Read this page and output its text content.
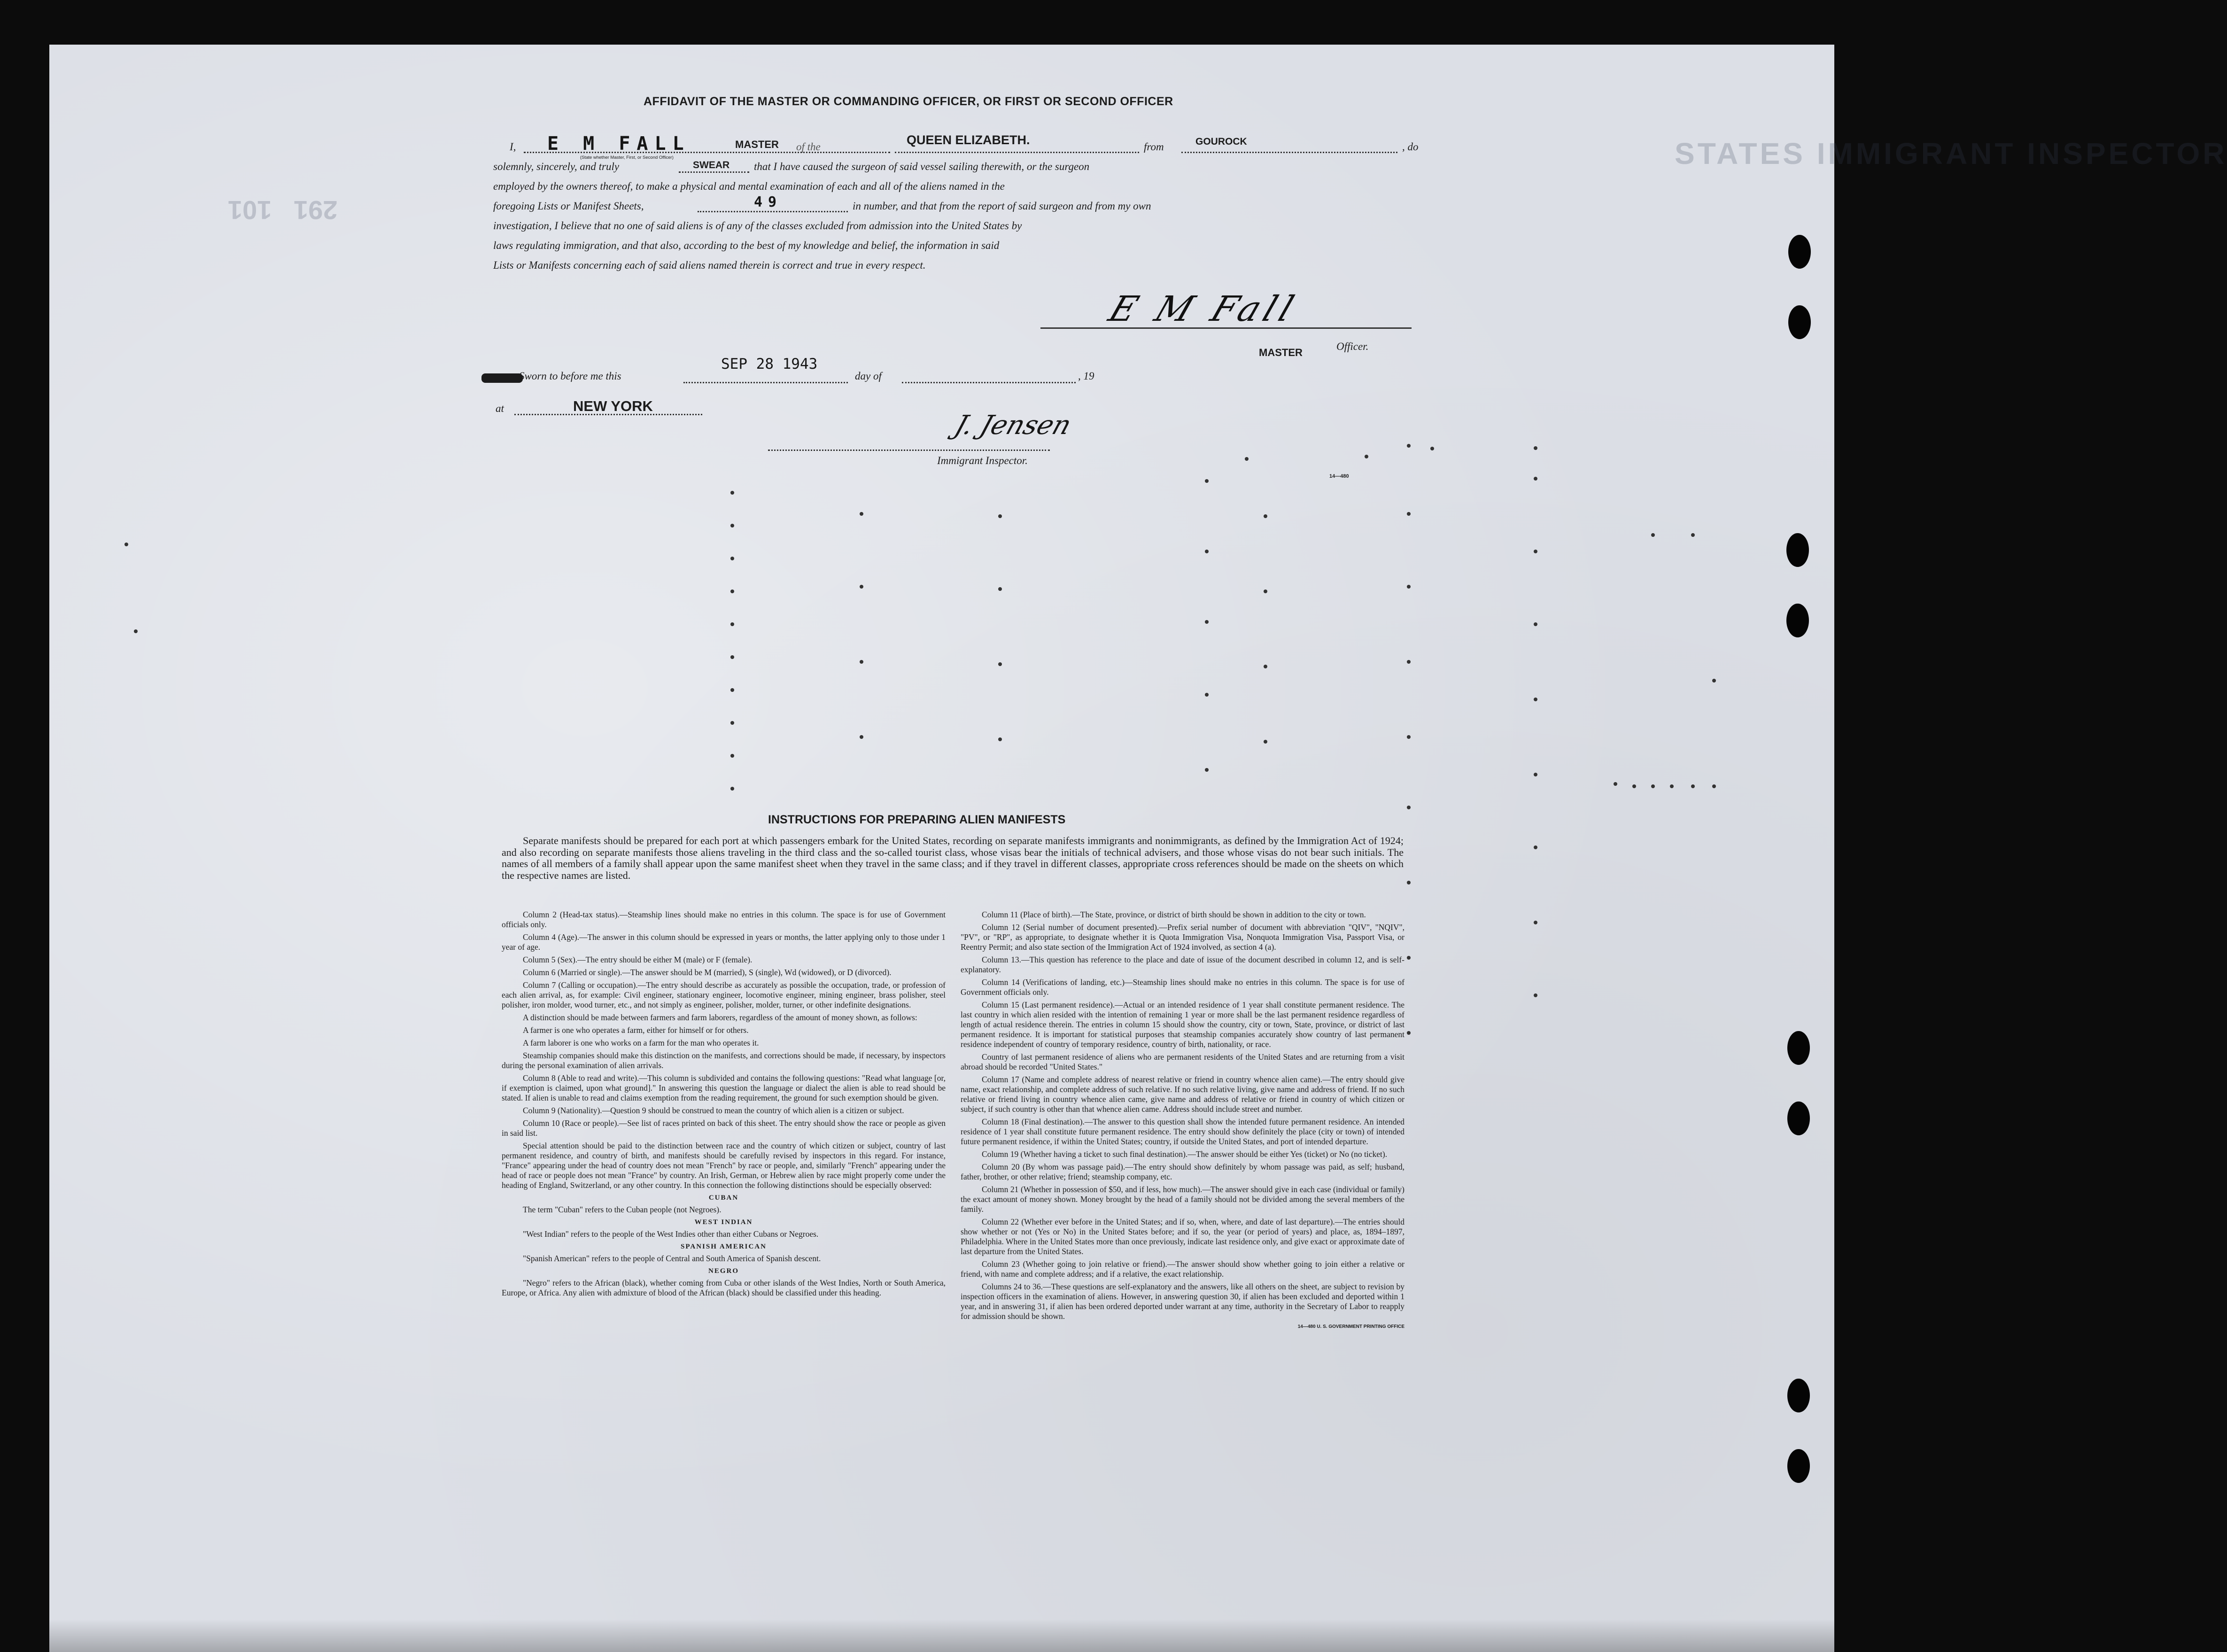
STATES IMMIGRANT INSPECTOR
291   101
AFFIDAVIT OF THE MASTER OR COMMANDING OFFICER, OR FIRST OR SECOND OFFICER
I, E M FALL	MASTER
(State whether Master, First, or Second Officer)
of the	QUEEN ELIZABETH.	from	GOUROCK	, do
solemnly, sincerely, and truly	SWEAR that I have caused the surgeon of said vessel sailing therewith, or the surgeon
employed by the owners thereof, to make a physical and mental examination of each and all of the aliens named in the
foregoing Lists or Manifest Sheets,	49	in number, and that from the report of said surgeon and from my own
investigation, I believe that no one of said aliens is of any of the classes excluded from admission into the United States by
laws regulating immigration, and that also, according to the best of my knowledge and belief, the information in said
Lists or Manifests concerning each of said aliens named therein is correct and true in every respect.
E M Fall
MASTER
Officer.
Sworn to before me this
SEP 28 1943
day of	, 19
at	NEW YORK
J. Jensen
Immigrant Inspector.
14—480
INSTRUCTIONS FOR PREPARING ALIEN MANIFESTS
Separate manifests should be prepared for each port at which passengers embark for the United States, recording on separate manifests immigrants and nonimmigrants, as defined by the Immigration Act of 1924; and also recording on separate manifests those aliens traveling in the third class and the so-called tourist class, whose visas bear the initials of technical advisers, and those whose visas do not bear such initials. The names of all members of a family shall appear upon the same manifest sheet when they travel in the same class; and if they travel in different classes, appropriate cross references should be made on the sheets on which the respective names are listed.

Column 2 (Head-tax status).—Steamship lines should make no entries in this column. The space is for use of Government officials only.

Column 4 (Age).—The answer in this column should be expressed in years or months, the latter applying only to those under 1 year of age.

Column 5 (Sex).—The entry should be either M (male) or F (female).

Column 6 (Married or single).—The answer should be M (married), S (single), Wd (widowed), or D (divorced).

Column 7 (Calling or occupation).—The entry should describe as accurately as possible the occupation, trade, or profession of each alien arrival, as, for example: Civil engineer, stationary engineer, locomotive engineer, mining engineer, brass polisher, steel polisher, iron molder, wood turner, etc., and not simply as engineer, polisher, molder, turner, or other indefinite designations.

A distinction should be made between farmers and farm laborers, regardless of the amount of money shown, as follows:

A farmer is one who operates a farm, either for himself or for others.

A farm laborer is one who works on a farm for the man who operates it.

Steamship companies should make this distinction on the manifests, and corrections should be made, if necessary, by inspectors during the personal examination of alien arrivals.

Column 8 (Able to read and write).—This column is subdivided and contains the following questions: "Read what language [or, if exemption is claimed, upon what ground]." In answering this question the language or dialect the alien is able to read should be stated. If alien is unable to read and claims exemption from the reading requirement, the ground for such exemption should be given.

Column 9 (Nationality).—Question 9 should be construed to mean the country of which alien is a citizen or subject.

Column 10 (Race or people).—See list of races printed on back of this sheet. The entry should show the race or people as given in said list.

Special attention should be paid to the distinction between race and the country of which citizen or subject, country of last permanent residence, and country of birth, and manifests should be carefully revised by inspectors in this regard. For instance, "France" appearing under the head of country does not mean "French" by race or people, and, similarly "French" appearing under the head of race or people does not mean "France" by country. An Irish, German, or Hebrew alien by race might properly come under the heading of England, Switzerland, or any other country. In this connection the following distinctions should be especially observed:

CUBAN

The term "Cuban" refers to the Cuban people (not Negroes).

WEST INDIAN

"West Indian" refers to the people of the West Indies other than either Cubans or Negroes.

SPANISH AMERICAN

"Spanish American" refers to the people of Central and South America of Spanish descent.

NEGRO

"Negro" refers to the African (black), whether coming from Cuba or other islands of the West Indies, North or South America, Europe, or Africa. Any alien with admixture of blood of the African (black) should be classified under this heading.

Column 11 (Place of birth).—The State, province, or district of birth should be shown in addition to the city or town.

Column 12 (Serial number of document presented).—Prefix serial number of document with abbreviation "QIV", "NQIV", "PV", or "RP", as appropriate, to designate whether it is Quota Immigration Visa, Nonquota Immigration Visa, Passport Visa, or Reentry Permit; and also state section of the Immigration Act of 1924 involved, as section 4 (a).

Column 13.—This question has reference to the place and date of issue of the document described in column 12, and is self-explanatory.

Column 14 (Verifications of landing, etc.)—Steamship lines should make no entries in this column. The space is for use of Government officials only.

Column 15 (Last permanent residence).—Actual or an intended residence of 1 year shall constitute permanent residence. The last country in which alien resided with the intention of remaining 1 year or more shall be the last permanent residence regardless of length of actual residence therein. The entries in column 15 should show the country, city or town, State, province, or district of last permanent residence. It is important for statistical purposes that steamship companies accurately show country of last permanent residence independent of country of temporary residence, country of birth, nationality, or race.

Country of last permanent residence of aliens who are permanent residents of the United States and are returning from a visit abroad should be recorded "United States."

Column 17 (Name and complete address of nearest relative or friend in country whence alien came).—The entry should give name, exact relationship, and complete address of such relative. If no such relative living, give name and address of friend. If no such relative or friend living in country whence alien came, give name and address of relative or friend in country of which citizen or subject, if such country is other than that whence alien came. Address should include street and number.

Column 18 (Final destination).—The answer to this question shall show the intended future permanent residence. An intended residence of 1 year shall constitute future permanent residence. The entry should show definitely the place (city or town) of intended future permanent residence, if within the United States; country, if outside the United States, and port of intended departure.

Column 19 (Whether having a ticket to such final destination).—The answer should be either Yes (ticket) or No (no ticket).

Column 20 (By whom was passage paid).—The entry should show definitely by whom passage was paid, as self; husband, father, brother, or other relative; friend; steamship company, etc.

Column 21 (Whether in possession of $50, and if less, how much).—The answer should give in each case (individual or family) the exact amount of money shown. Money brought by the head of a family should not be divided among the several members of the family.

Column 22 (Whether ever before in the United States; and if so, when, where, and date of last departure).—The entries should show whether or not (Yes or No) in the United States before; and if so, the year (or period of years) and place, as, 1894–1897, Philadelphia. Where in the United States more than once previously, indicate last residence only, and give exact or approximate date of last departure from the United States.

Column 23 (Whether going to join relative or friend).—The answer should show whether going to join either a relative or friend, with name and complete address; and if a relative, the exact relationship.

Columns 24 to 36.—These questions are self-explanatory and the answers, like all others on the sheet, are subject to revision by inspection officers in the examination of aliens. However, in answering question 30, if alien has been excluded and deported within 1 year, and in answering 31, if alien has been ordered deported under warrant at any time, authority in the Secretary of Labor to reapply for admission should be shown.

14—480 U. S. GOVERNMENT PRINTING OFFICE
